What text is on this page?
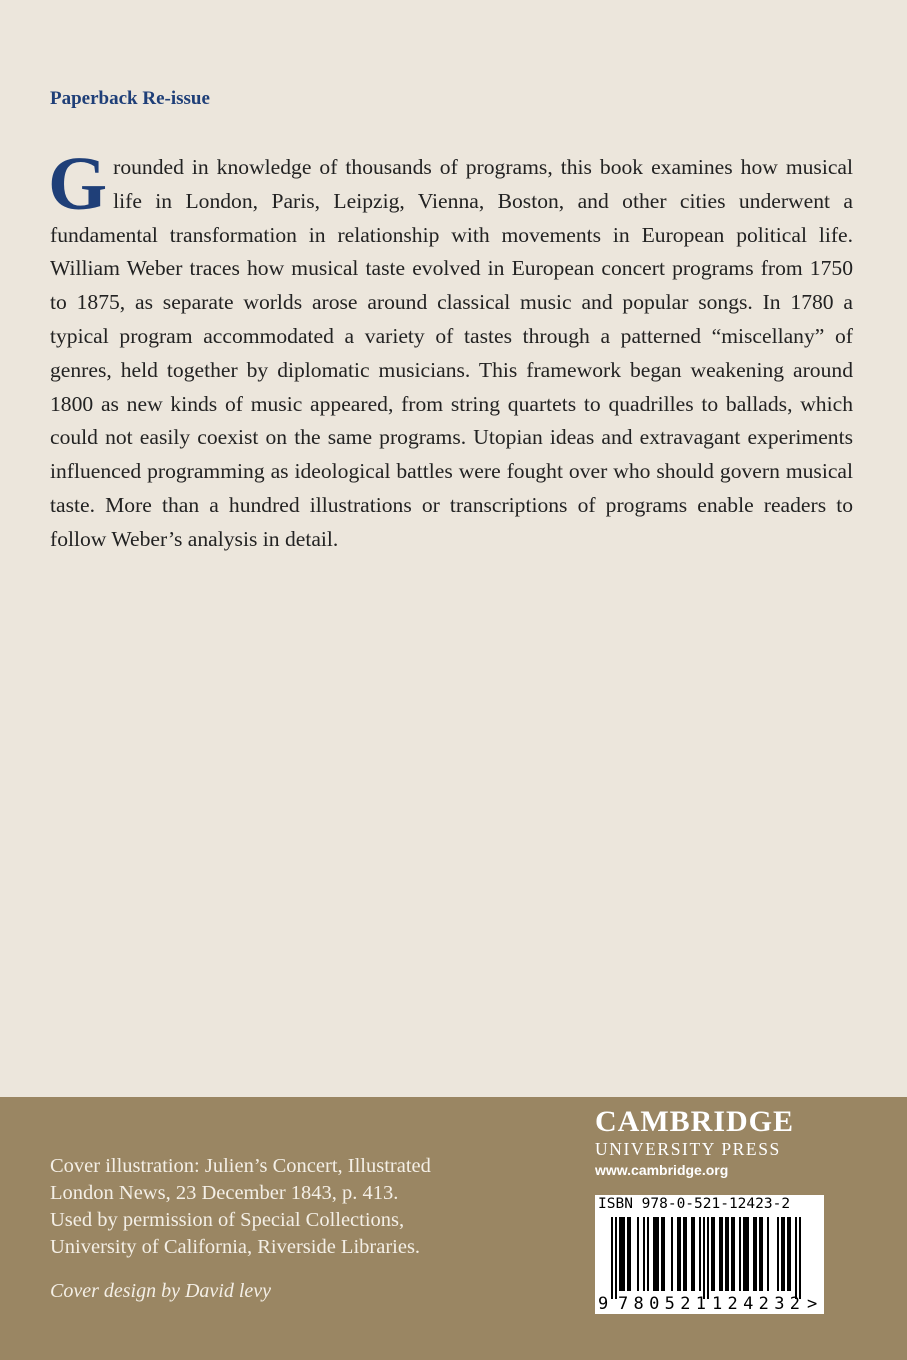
Paperback Re-issue

Grounded in knowledge of thousands of programs, this book examines how musical life in London, Paris, Leipzig, Vienna, Boston, and other cities underwent a fundamental transformation in relationship with movements in European political life. William Weber traces how musical taste evolved in European concert programs from 1750 to 1875, as separate worlds arose around classical music and popular songs. In 1780 a typical program accommodated a variety of tastes through a patterned “miscellany” of genres, held together by diplomatic musicians. This framework began weakening around 1800 as new kinds of music appeared, from string quartets to quadrilles to ballads, which could not easily coexist on the same programs. Utopian ideas and extravagant experiments influenced programming as ideological battles were fought over who should govern musical taste. More than a hundred illustrations or transcriptions of programs enable readers to follow Weber’s analysis in detail.

Cover illustration: Julien’s Concert, Illustrated
London News, 23 December 1843, p. 413.
Used by permission of Special Collections,
University of California, Riverside Libraries.
Cover design by David levy
CAMBRIDGE
UNIVERSITY PRESS
www.cambridge.org
ISBN 978-0-521-12423-2
9 780521 124232 >
